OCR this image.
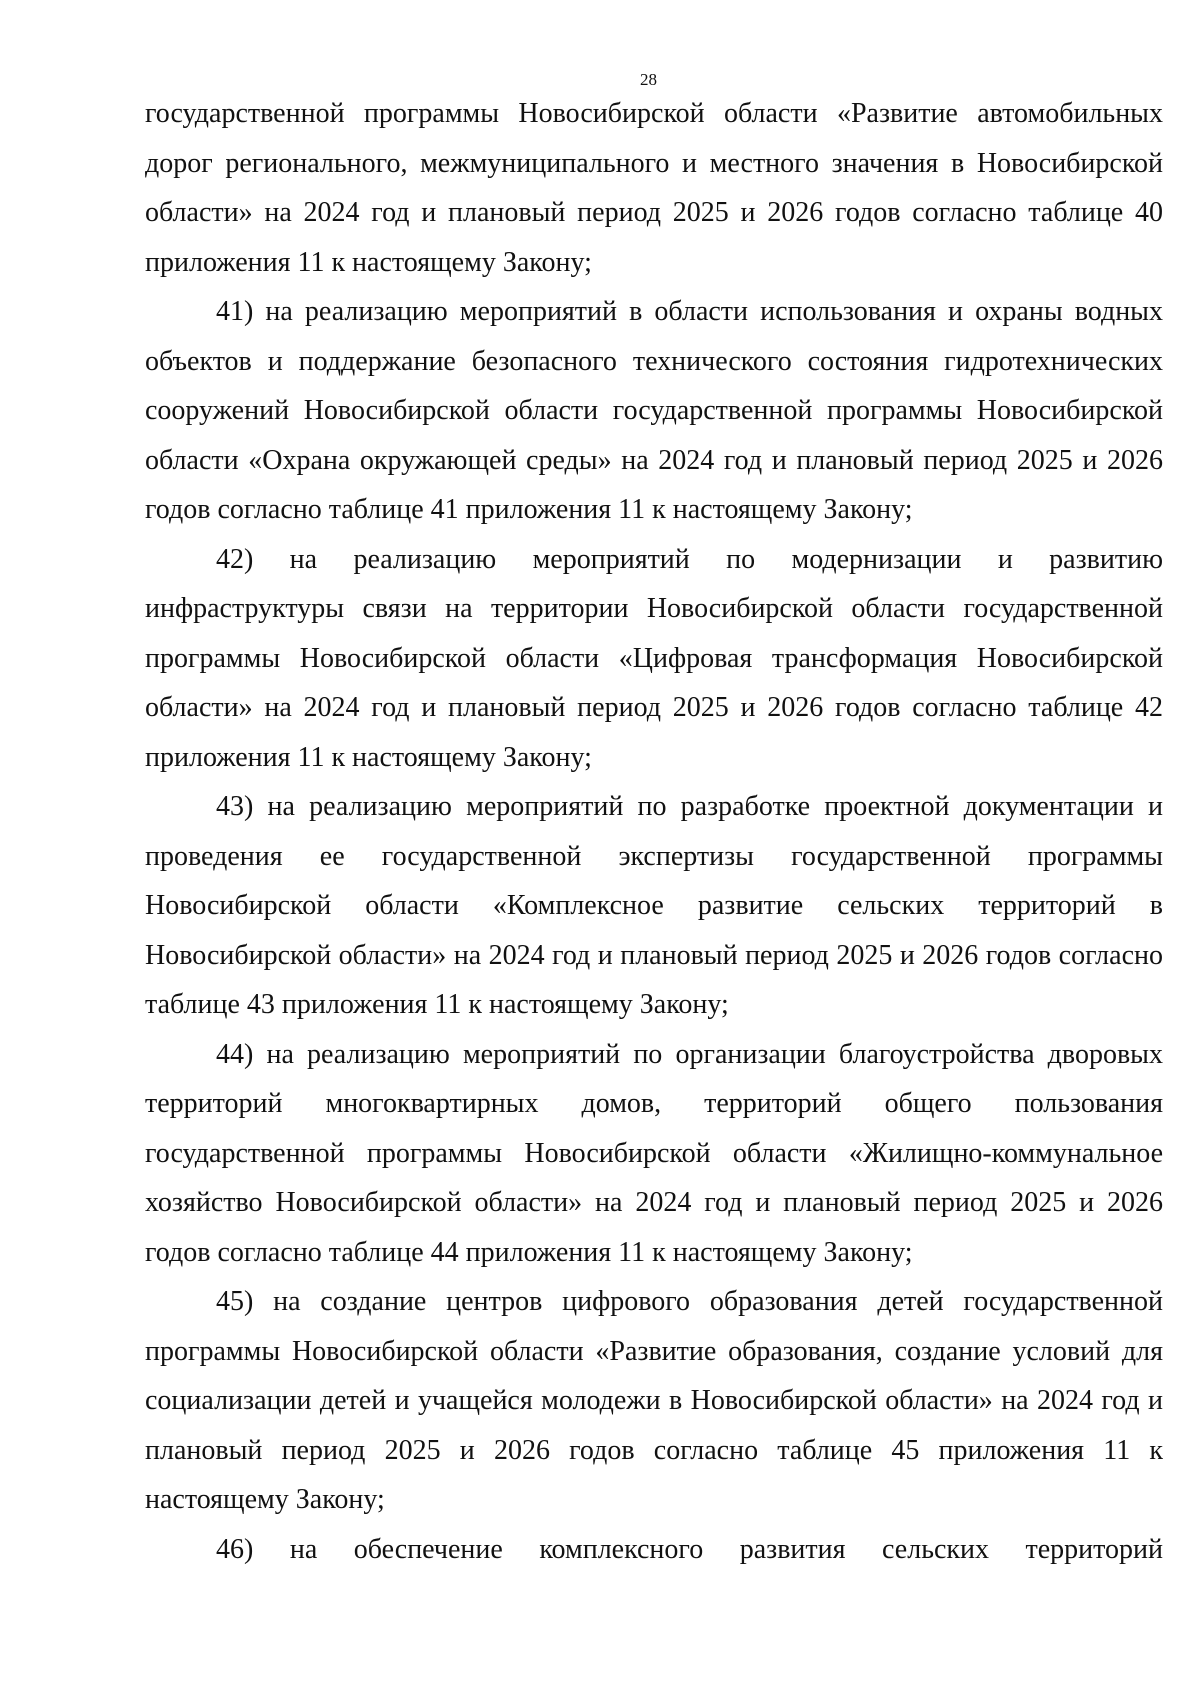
28

государственной программы Новосибирской области «Развитие автомобильных дорог регионального, межмуниципального и местного значения в Новосибирской области» на 2024 год и плановый период 2025 и 2026 годов согласно таблице 40 приложения 11 к настоящему Закону;

41) на реализацию мероприятий в области использования и охраны водных объектов и поддержание безопасного технического состояния гидротехнических сооружений Новосибирской области государственной программы Новосибирской области «Охрана окружающей среды» на 2024 год и плановый период 2025 и 2026 годов согласно таблице 41 приложения 11 к настоящему Закону;

42) на реализацию мероприятий по модернизации и развитию инфраструктуры связи на территории Новосибирской области государственной программы Новосибирской области «Цифровая трансформация Новосибирской области» на 2024 год и плановый период 2025 и 2026 годов согласно таблице 42 приложения 11 к настоящему Закону;

43) на реализацию мероприятий по разработке проектной документации и проведения ее государственной экспертизы государственной программы Новосибирской области «Комплексное развитие сельских территорий в Новосибирской области» на 2024 год и плановый период 2025 и 2026 годов согласно таблице 43 приложения 11 к настоящему Закону;

44) на реализацию мероприятий по организации благоустройства дворовых территорий многоквартирных домов, территорий общего пользования государственной программы Новосибирской области «Жилищно-коммунальное хозяйство Новосибирской области» на 2024 год и плановый период 2025 и 2026 годов согласно таблице 44 приложения 11 к настоящему Закону;

45) на создание центров цифрового образования детей государственной программы Новосибирской области «Развитие образования, создание условий для социализации детей и учащейся молодежи в Новосибирской области» на 2024 год и плановый период 2025 и 2026 годов согласно таблице 45 приложения 11 к настоящему Закону;

46) на обеспечение комплексного развития сельских территорий
